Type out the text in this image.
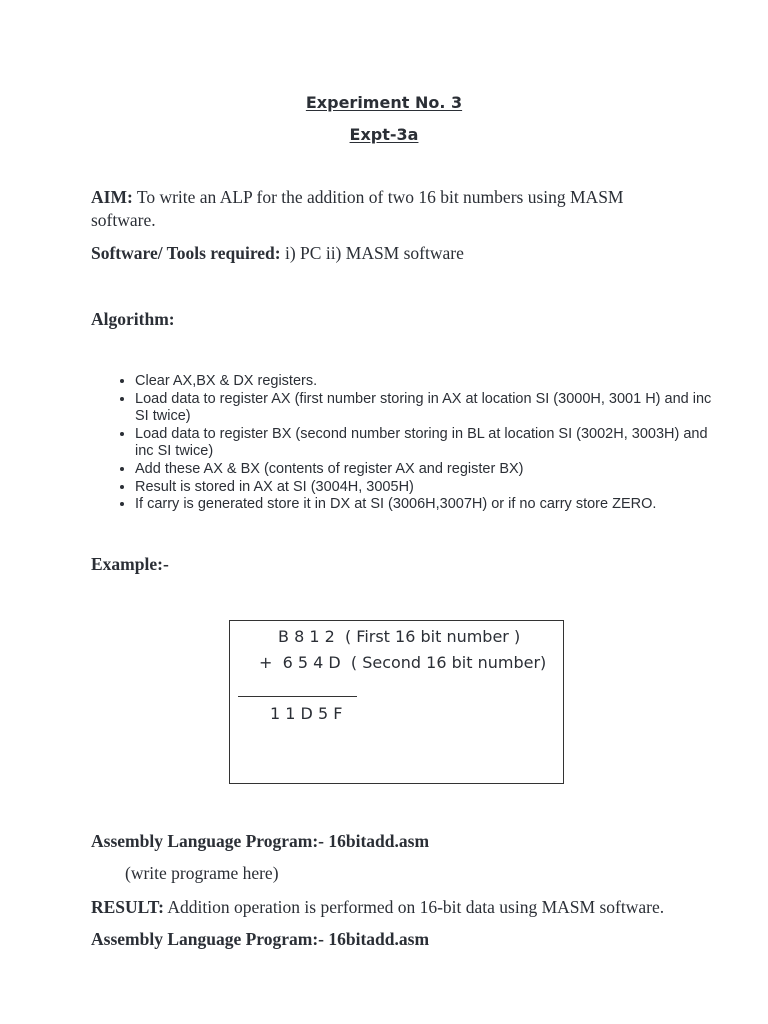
Experiment No. 3
Expt-3a
AIM: To write an ALP for the addition of two 16 bit numbers using MASM software.
Software/ Tools required: i) PC ii) MASM software
Algorithm:
• Clear AX,BX & DX registers.
• Load data to register AX (first number storing in AX at location SI (3000H, 3001 H) and inc SI twice)
• Load data to register BX (second number storing in BL at location SI (3002H, 3003H) and inc SI twice)
• Add these AX & BX (contents of register AX and register BX)
• Result is stored in AX at SI (3004H, 3005H)
• If carry is generated store it in DX at SI (3006H,3007H) or if no carry store ZERO.
Example:-
B 8 1 2  ( First 16 bit number )
+  6 5 4 D  ( Second 16 bit number)
1 1 D 5 F
Assembly Language Program:- 16bitadd.asm
(write programe here)
RESULT: Addition operation is performed on 16-bit data using MASM software.
Assembly Language Program:- 16bitadd.asm
